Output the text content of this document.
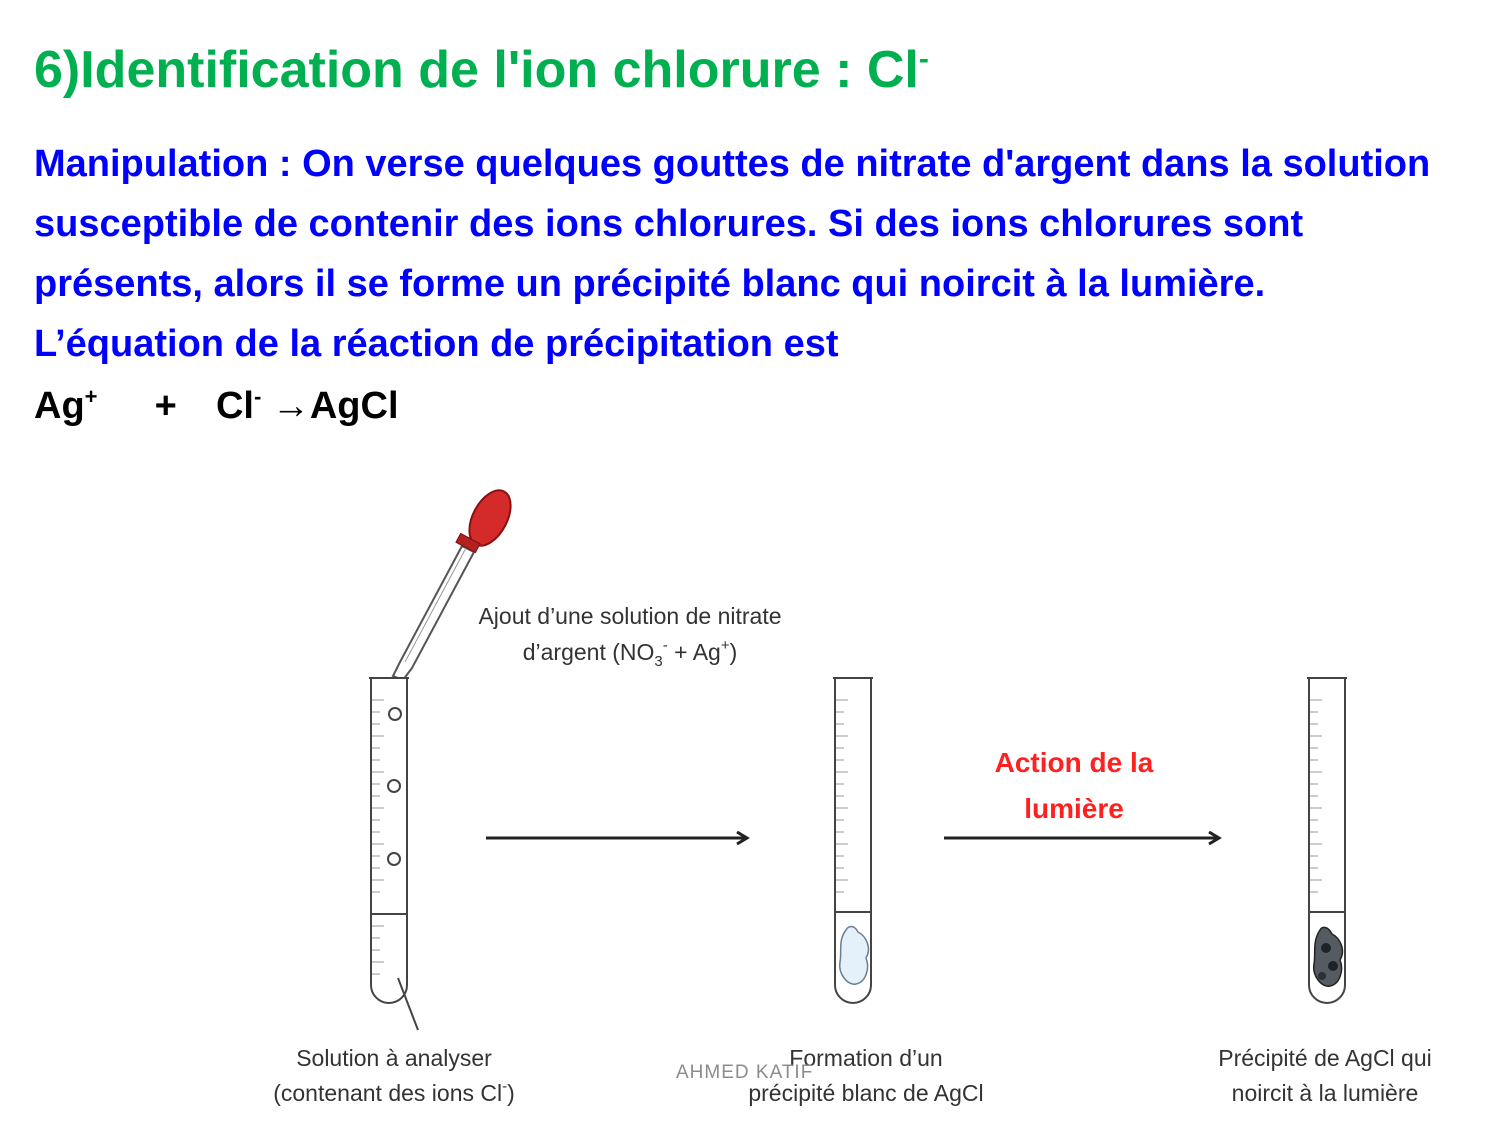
6)Identification de l'ion chlorure : Cl-

Manipulation : On verse quelques gouttes de nitrate d'argent dans la solution susceptible de contenir des ions chlorures. Si des ions chlorures sont présents, alors il se forme un précipité blanc qui noircit à la lumière. L’équation de la réaction de précipitation est

Ag+ + Cl- →AgCl
Ajout d’une solution de nitrate
d’argent $(NO_3^- + Ag^+)$
Action de la
lumière
Solution à analyser
(contenant des ions Cl-)
Formation d’un
précipité blanc de AgCl
Précipité de AgCl qui
noircit à la lumière
AHMED KATIF
